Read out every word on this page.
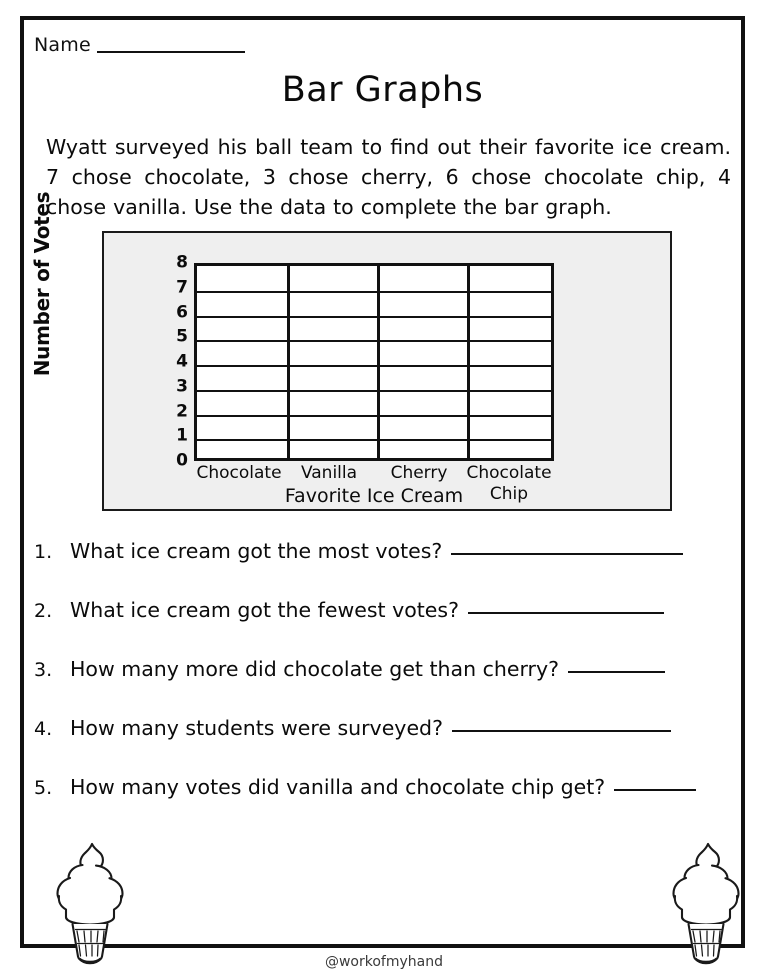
Name
Bar Graphs
Wyatt surveyed his ball team to find out their favorite ice cream. 7 chose chocolate, 3 chose cherry, 6 chose chocolate chip, 4 chose vanilla. Use the data to complete the bar graph.
Number of Votes	8
7
6
5
4
3
2
1
0
Chocolate	Vanilla	Cherry	Chocolate
Chip
Favorite Ice Cream
1. What ice cream got the most votes?
2. What ice cream got the fewest votes?
3. How many more did chocolate get than cherry?
4. How many students were surveyed?
5. How many votes did vanilla and chocolate chip get?
@workofmyhand
